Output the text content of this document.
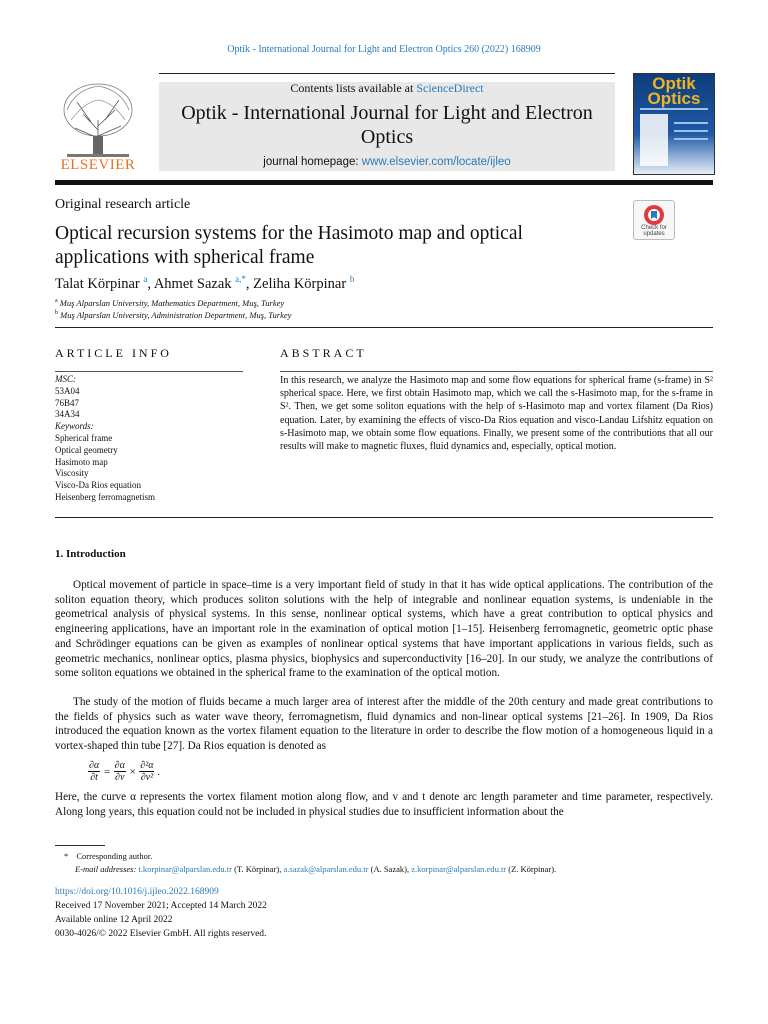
Optik - International Journal for Light and Electron Optics 260 (2022) 168909
ELSEVIER
Contents lists available at ScienceDirect
Optik - International Journal for Light and Electron Optics
journal homepage: www.elsevier.com/locate/ijleo
Optik Optics
Original research article
Check for updates
Optical recursion systems for the Hasimoto map and optical applications with spherical frame
Talat Körpinar $^a$, Ahmet Sazak $^{a,*}$, Zeliha Körpinar $^b$
$^a$ Muş Alparslan University, Mathematics Department, Muş, Turkey
$^b$ Muş Alparslan University, Administration Department, Muş, Turkey
ARTICLE INFO
MSC:
53A04
76B47
34A34
Keywords:
Spherical frame
Optical geometry
Hasimoto map
Viscosity
Visco-Da Rios equation
Heisenberg ferromagnetism
ABSTRACT
In this research, we analyze the Hasimoto map and some flow equations for spherical frame (s-frame) in S² spherical space. Here, we first obtain Hasimoto map, which we call the s-Hasimoto map, for the s-frame in S². Then, we get some soliton equations with the help of s-Hasimoto map and vortex filament (Da Rios) equation. Later, by examining the effects of visco-Da Rios equation and visco-Landau Lifshitz equation on s-Hasimoto map, we obtain some flow equations. Finally, we present some of the contributions that all our results will make to magnetic fluxes, fluid dynamics and, especially, optical motion.
1. Introduction
Optical movement of particle in space–time is a very important field of study in that it has wide optical applications. The contribution of the soliton equation theory, which produces soliton solutions with the help of integrable and nonlinear equation systems, is undeniable in the geometrical analysis of physical systems. In this sense, nonlinear optical systems, which have a great contribution to optical physics and engineering applications, have an important role in the examination of optical motion [1–15]. Heisenberg ferromagnetic, geometric optic phase and Schrödinger equations can be given as examples of nonlinear optical systems that have important applications in various fields, such as geometric mechanics, nonlinear optics, plasma physics, biophysics and superconductivity [16–20]. In our study, we analyze the contributions of some soliton equations we obtained in the spherical frame to the examination of the optical motion.
The study of the motion of fluids became a much larger area of interest after the middle of the 20th century and made great contributions to the fields of physics such as water wave theory, ferromagnetism, fluid dynamics and non-linear optical systems [21–26]. In 1909, Da Rios introduced the equation known as the vortex filament equation to the literature in order to describe the flow motion of a homogeneous liquid in a vortex-shaped thin tube [27]. Da Rios equation is denoted as
$\frac{\partial\alpha}{\partial t} = \frac{\partial\alpha}{\partial v} \times \frac{\text{∂²α}}{\text{∂v²}}$ .
Here, the curve α represents the vortex filament motion along flow, and v and t denote arc length parameter and time parameter, respectively. Along long years, this equation could not be included in physical studies due to insufficient information about the
* Corresponding author.
E-mail addresses: t.korpinar@alparslan.edu.tr (T. Körpinar), a.sazak@alparslan.edu.tr (A. Sazak), z.korpinar@alparslan.edu.tr (Z. Körpinar).
https://doi.org/10.1016/j.ijleo.2022.168909
Received 17 November 2021; Accepted 14 March 2022
Available online 12 April 2022
0030-4026/© 2022 Elsevier GmbH. All rights reserved.
